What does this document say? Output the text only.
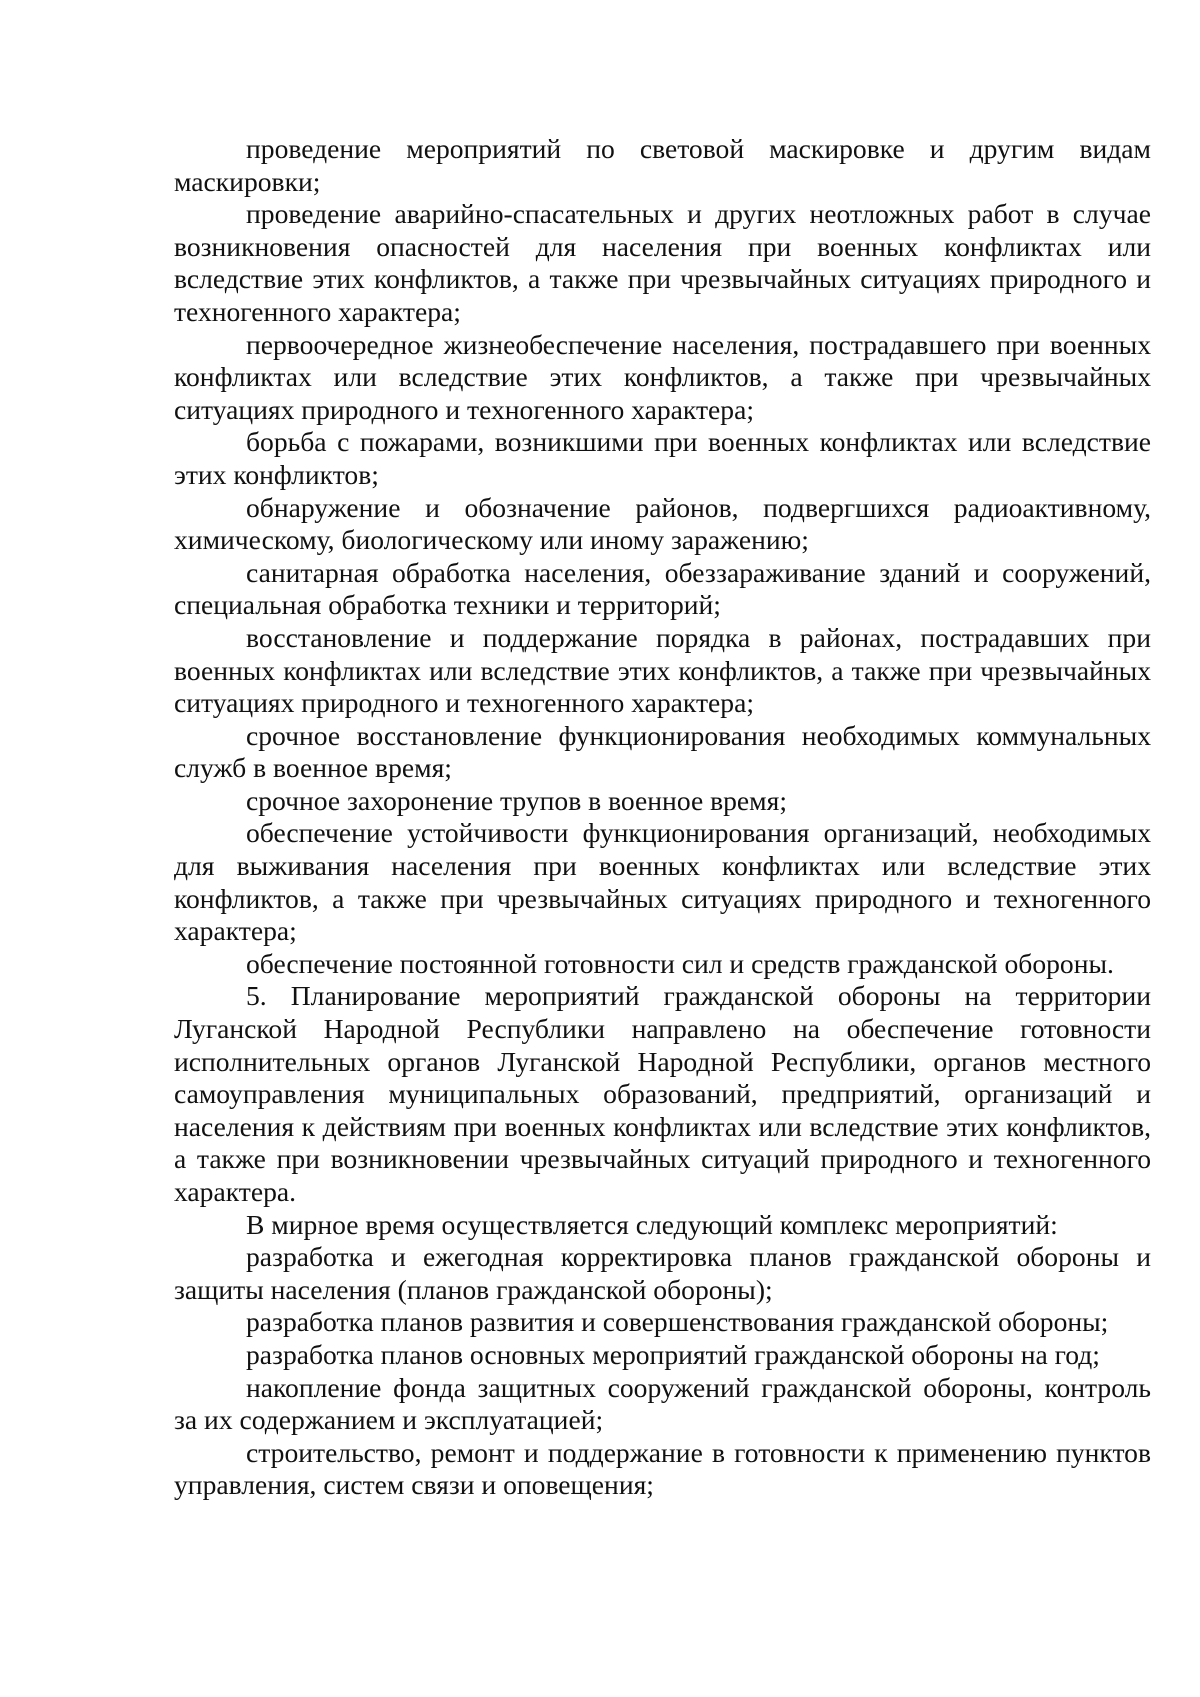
проведение мероприятий по световой маскировке и другим видам маскировки;

проведение аварийно-спасательных и других неотложных работ в случае возникновения опасностей для населения при военных конфликтах или вследствие этих конфликтов, а также при чрезвычайных ситуациях природного и техногенного характера;

первоочередное жизнеобеспечение населения, пострадавшего при военных конфликтах или вследствие этих конфликтов, а также при чрезвычайных ситуациях природного и техногенного характера;

борьба с пожарами, возникшими при военных конфликтах или вследствие этих конфликтов;

обнаружение и обозначение районов, подвергшихся радиоактивному, химическому, биологическому или иному заражению;

санитарная обработка населения, обеззараживание зданий и сооружений, специальная обработка техники и территорий;

восстановление и поддержание порядка в районах, пострадавших при военных конфликтах или вследствие этих конфликтов, а также при чрезвычайных ситуациях природного и техногенного характера;

срочное восстановление функционирования необходимых коммунальных служб в военное время;

срочное захоронение трупов в военное время;

обеспечение устойчивости функционирования организаций, необходимых для выживания населения при военных конфликтах или вследствие этих конфликтов, а также при чрезвычайных ситуациях природного и техногенного характера;

обеспечение постоянной готовности сил и средств гражданской обороны.

5. Планирование мероприятий гражданской обороны на территории Луганской Народной Республики направлено на обеспечение готовности исполнительных органов Луганской Народной Республики, органов местного самоуправления муниципальных образований, предприятий, организаций и населения к действиям при военных конфликтах или вследствие этих конфликтов, а также при возникновении чрезвычайных ситуаций природного и техногенного характера.

В мирное время осуществляется следующий комплекс мероприятий:

разработка и ежегодная корректировка планов гражданской обороны и защиты населения (планов гражданской обороны);

разработка планов развития и совершенствования гражданской обороны;

разработка планов основных мероприятий гражданской обороны на год;

накопление фонда защитных сооружений гражданской обороны, контроль за их содержанием и эксплуатацией;

строительство, ремонт и поддержание в готовности к применению пунктов управления, систем связи и оповещения;
